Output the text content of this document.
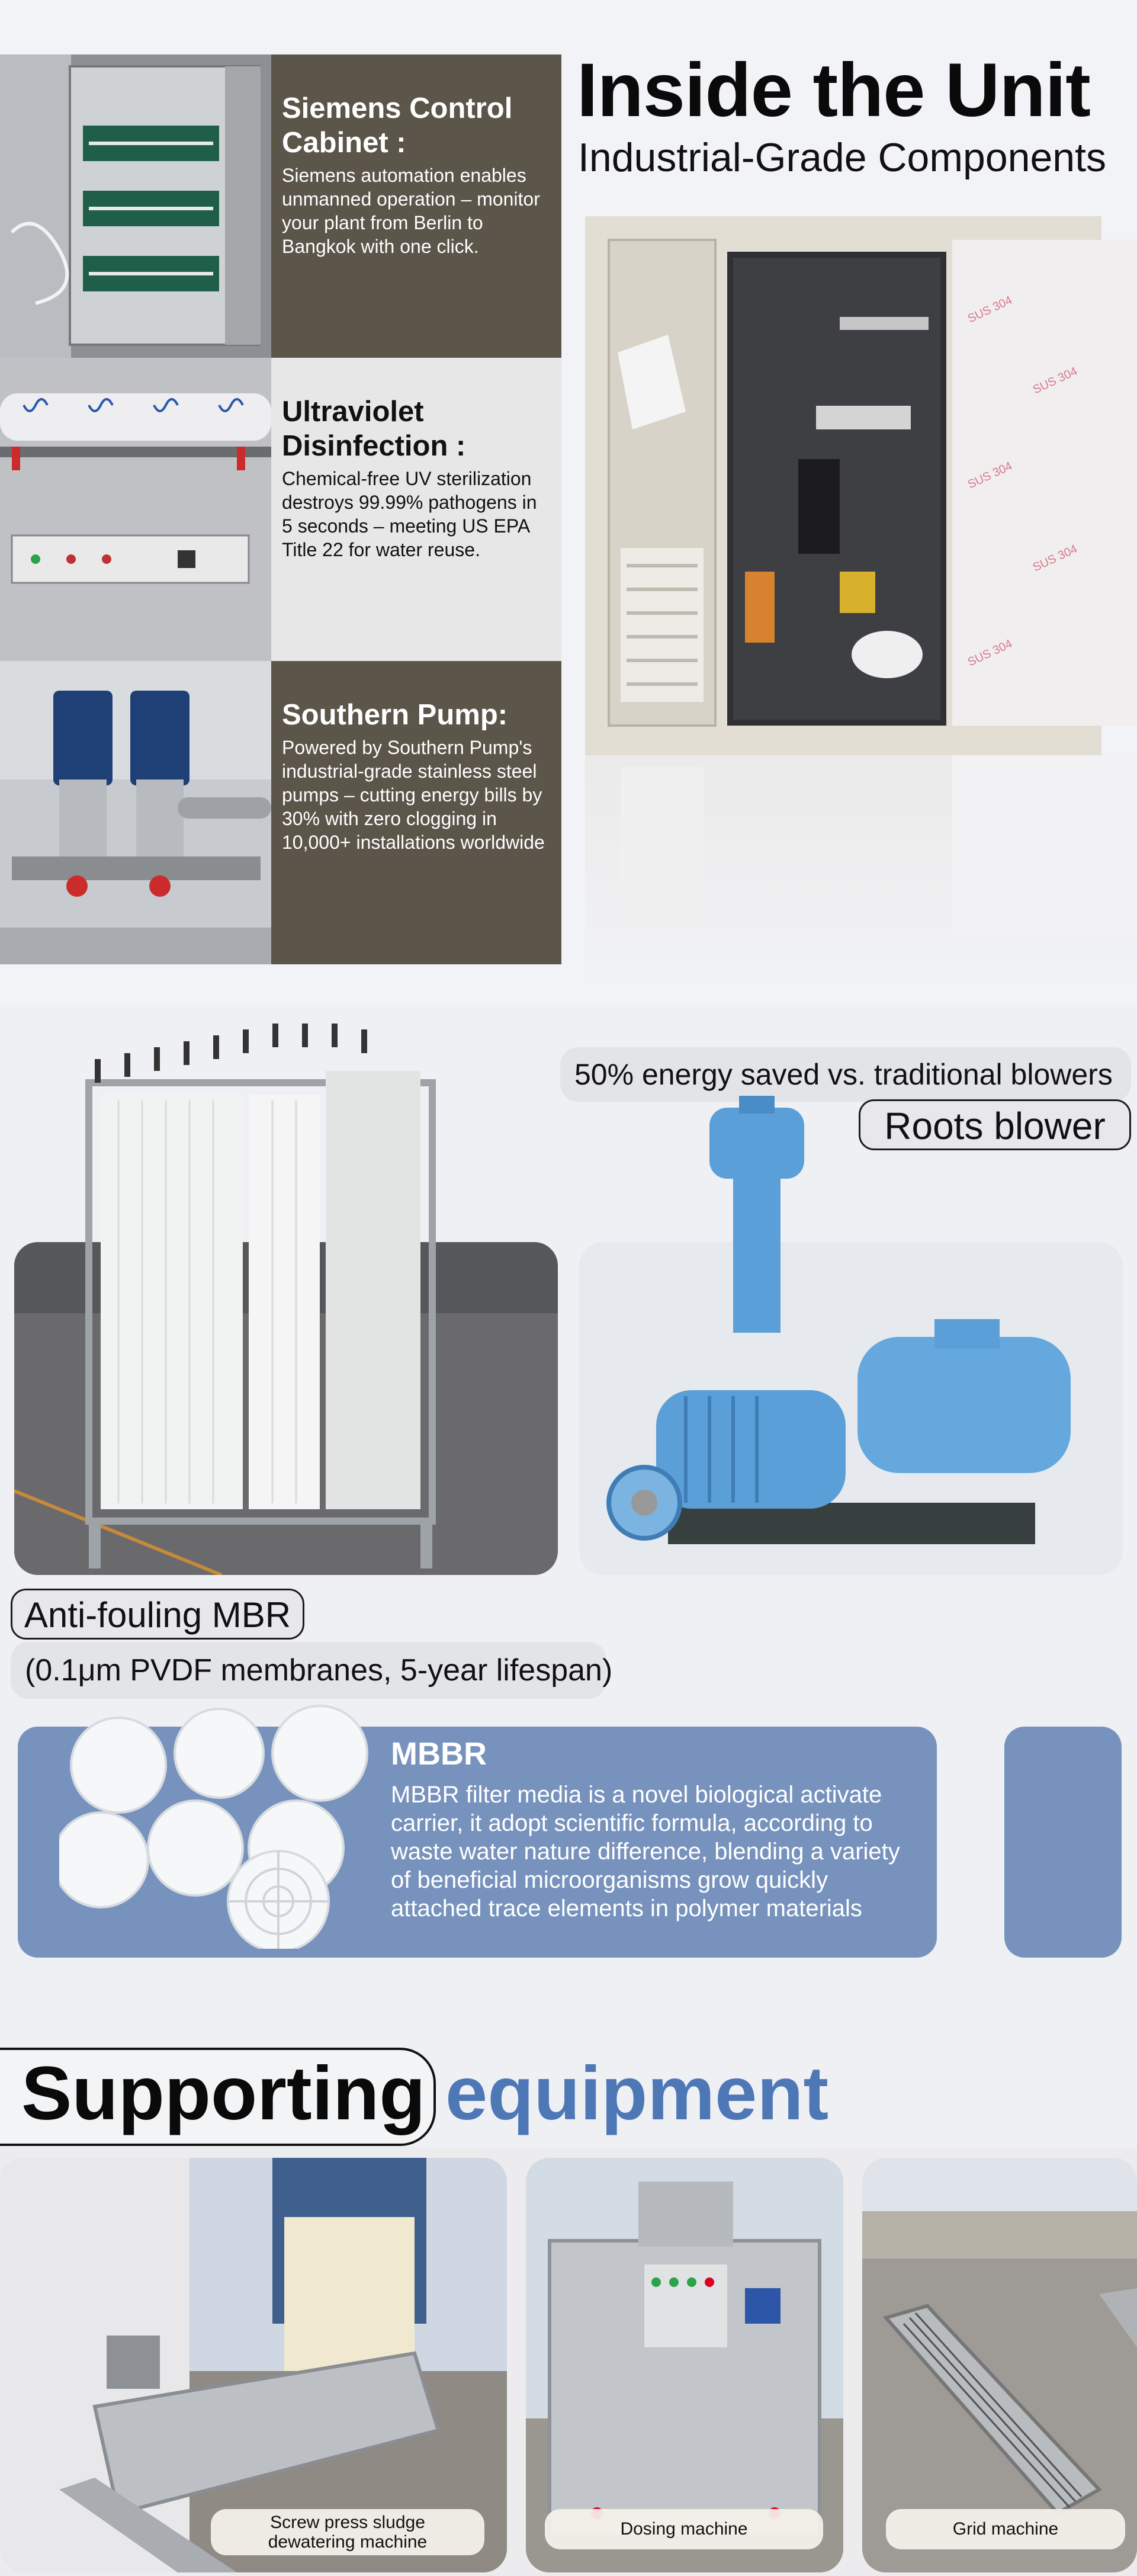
Siemens Control Cabinet :

Siemens automation enables unmanned operation – monitor your plant from Berlin to Bangkok with one click.

Ultraviolet Disinfection :

Chemical-free UV sterilization destroys 99.99% pathogens in 5 seconds – meeting US EPA Title 22 for water reuse.

Southern Pump:

Powered by Southern Pump's industrial-grade stainless steel pumps – cutting energy bills by 30% with zero clogging in 10,000+ installations worldwide

Inside the Unit
Industrial-Grade Components
SUS 304
SUS 304
SUS 304
SUS 304
SUS 304
50% energy saved vs. traditional blowers
Roots blower
Anti-fouling MBR
(0.1μm PVDF membranes, 5-year lifespan)
MBBR
MBBR filter media is a novel biological activate carrier, it adopt scientific formula, according to waste water nature difference, blending a variety of beneficial microorganisms grow quickly attached trace elements in polymer materials
Supporting equipment
Screw press sludge
dewatering machine
Dosing machine	Grid machine
